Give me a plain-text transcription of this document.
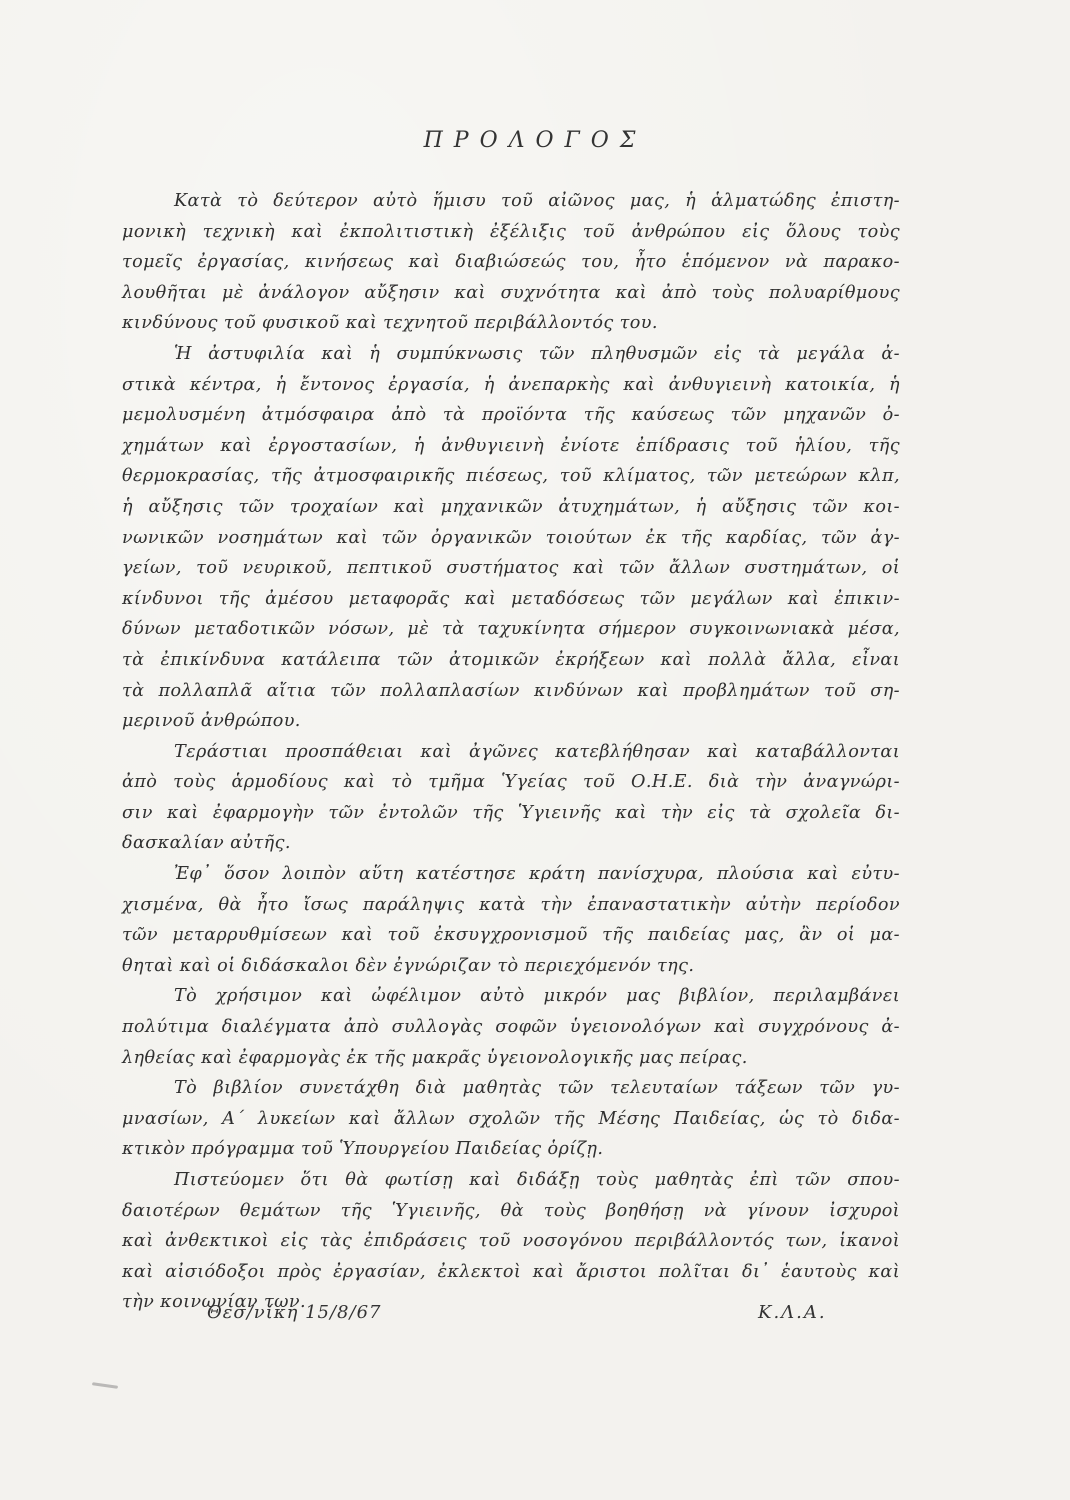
ΠΡΟΛΟΓΟΣ
Κατὰ τὸ δεύτερον αὐτὸ ἥμισυ τοῦ αἰῶνος μας, ἡ ἁλματώδης ἐπιστη-
μονικὴ τεχνικὴ καὶ ἐκπολιτιστικὴ ἐξέλιξις τοῦ ἀνθρώπου εἰς ὅλους τοὺς
τομεῖς ἐργασίας, κινήσεως καὶ διαβιώσεώς του, ἦτο ἑπόμενον νὰ παρακο-
λουθῆται μὲ ἀνάλογον αὔξησιν καὶ συχνότητα καὶ ἀπὸ τοὺς πολυαρίθμους
κινδύνους τοῦ φυσικοῦ καὶ τεχνητοῦ περιβάλλοντός του.
Ἡ ἀστυφιλία καὶ ἡ συμπύκνωσις τῶν πληθυσμῶν εἰς τὰ μεγάλα ἀ-
στικὰ κέντρα, ἡ ἔντονος ἐργασία, ἡ ἀνεπαρκὴς καὶ ἀνθυγιεινὴ κατοικία, ἡ
μεμολυσμένη ἀτμόσφαιρα ἀπὸ τὰ προϊόντα τῆς καύσεως τῶν μηχανῶν ὀ-
χημάτων καὶ ἐργοστασίων, ἡ ἀνθυγιεινὴ ἐνίοτε ἐπίδρασις τοῦ ἡλίου, τῆς
θερμοκρασίας, τῆς ἀτμοσφαιρικῆς πιέσεως, τοῦ κλίματος, τῶν μετεώρων κλπ,
ἡ αὔξησις τῶν τροχαίων καὶ μηχανικῶν ἀτυχημάτων, ἡ αὔξησις τῶν κοι-
νωνικῶν νοσημάτων καὶ τῶν ὀργανικῶν τοιούτων ἐκ τῆς καρδίας, τῶν ἀγ-
γείων, τοῦ νευρικοῦ, πεπτικοῦ συστήματος καὶ τῶν ἄλλων συστημάτων, οἱ
κίνδυνοι τῆς ἀμέσου μεταφορᾶς καὶ μεταδόσεως τῶν μεγάλων καὶ ἐπικιν-
δύνων μεταδοτικῶν νόσων, μὲ τὰ ταχυκίνητα σήμερον συγκοινωνιακὰ μέσα,
τὰ ἐπικίνδυνα κατάλειπα τῶν ἀτομικῶν ἐκρήξεων καὶ πολλὰ ἄλλα, εἶναι
τὰ πολλαπλᾶ αἴτια τῶν πολλαπλασίων κινδύνων καὶ προβλημάτων τοῦ ση-
μερινοῦ ἀνθρώπου.
Τεράστιαι προσπάθειαι καὶ ἀγῶνες κατεβλήθησαν καὶ καταβάλλονται
ἀπὸ τοὺς ἁρμοδίους καὶ τὸ τμῆμα Ὑγείας τοῦ Ο.Η.Ε. διὰ τὴν ἀναγνώρι-
σιν καὶ ἐφαρμογὴν τῶν ἐντολῶν τῆς Ὑγιεινῆς καὶ τὴν εἰς τὰ σχολεῖα δι-
δασκαλίαν αὐτῆς.
Ἐφ᾽ ὅσον λοιπὸν αὕτη κατέστησε κράτη πανίσχυρα, πλούσια καὶ εὐτυ-
χισμένα, θὰ ἦτο ἴσως παράληψις κατὰ τὴν ἐπαναστατικὴν αὐτὴν περίοδον
τῶν μεταρρυθμίσεων καὶ τοῦ ἐκσυγχρονισμοῦ τῆς παιδείας μας, ἂν οἱ μα-
θηταὶ καὶ οἱ διδάσκαλοι δὲν ἐγνώριζαν τὸ περιεχόμενόν της.
Τὸ χρήσιμον καὶ ὠφέλιμον αὐτὸ μικρόν μας βιβλίον, περιλαμβάνει
πολύτιμα διαλέγματα ἀπὸ συλλογὰς σοφῶν ὑγειονολόγων καὶ συγχρόνους ἀ-
ληθείας καὶ ἐφαρμογὰς ἐκ τῆς μακρᾶς ὑγειονολογικῆς μας πείρας.
Τὸ βιβλίον συνετάχθη διὰ μαθητὰς τῶν τελευταίων τάξεων τῶν γυ-
μνασίων, Α΄ λυκείων καὶ ἄλλων σχολῶν τῆς Μέσης Παιδείας, ὡς τὸ διδα-
κτικὸν πρόγραμμα τοῦ Ὑπουργείου Παιδείας ὁρίζῃ.
Πιστεύομεν ὅτι θὰ φωτίσῃ καὶ διδάξῃ τοὺς μαθητὰς ἐπὶ τῶν σπου-
δαιοτέρων θεμάτων τῆς Ὑγιεινῆς, θὰ τοὺς βοηθήσῃ νὰ γίνουν ἰσχυροὶ
καὶ ἀνθεκτικοὶ εἰς τὰς ἐπιδράσεις τοῦ νοσογόνου περιβάλλοντός των, ἱκανοὶ
καὶ αἰσιόδοξοι πρὸς ἐργασίαν, ἐκλεκτοὶ καὶ ἄριστοι πολῖται δι᾽ ἑαυτοὺς καὶ
τὴν κοινωνίαν των.
Θεσ/νίκη 15/8/67	Κ.Λ.Α.
